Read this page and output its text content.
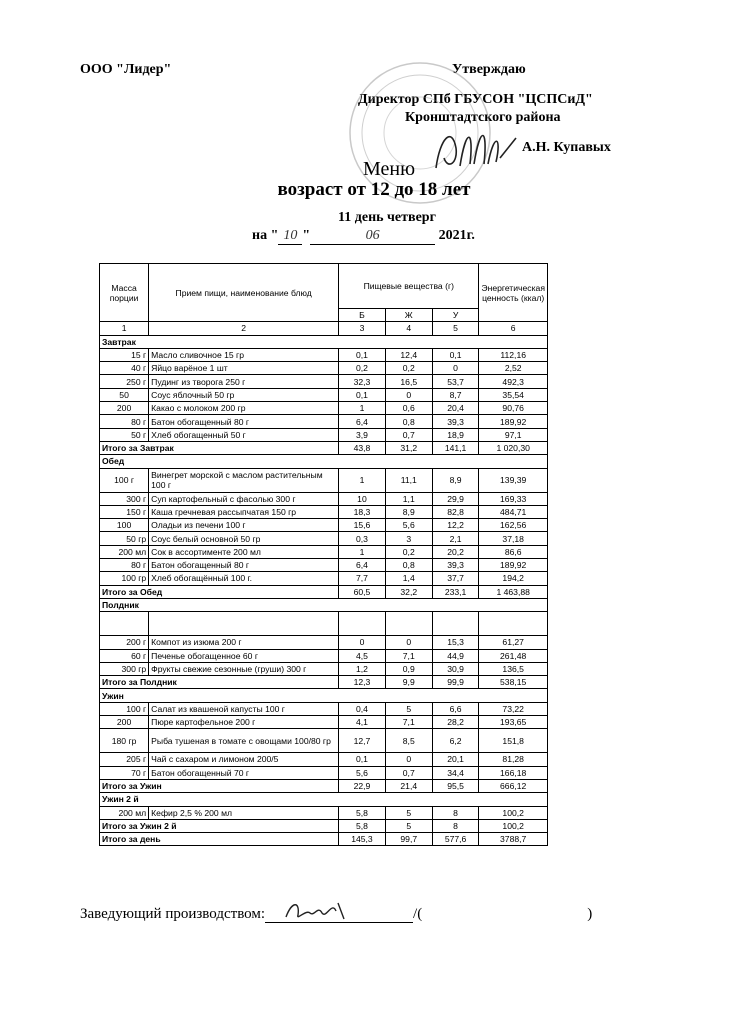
ООО "Лидер"	Утверждаю
Директор СПб ГБУСОН "ЦСПСиД"
Кронштадтского района
А.Н. Купавых
Меню
возраст от 12 до 18 лет
11 день четверг
на " 10 "	06	2021г.
Масса порции	Прием пищи, наименование блюд	Пищевые вещества (г)			Энергетическая ценность (ккал)
		Б	Ж	У	
1	2	3	4	5	6
Завтрак					
15 г	Масло сливочное 15 гр	0,1	12,4	0,1	112,16
40 г	Яйцо варёное 1 шт	0,2	0,2	0	2,52
250 г	Пудинг из творога 250 г	32,3	16,5	53,7	492,3
50	Соус яблочный 50 гр	0,1	0	8,7	35,54
200	Какао с молоком 200 гр	1	0,6	20,4	90,76
80 г	Батон обогащенный 80 г	6,4	0,8	39,3	189,92
50 г	Хлеб обогащенный 50 г	3,9	0,7	18,9	97,1
Итого за Завтрак		43,8	31,2	141,1	1 020,30
Обед					
100 г	Винегрет морской с маслом растительным 100 г	1	11,1	8,9	139,39
300 г	Суп картофельный с фасолью 300 г	10	1,1	29,9	169,33
150 г	Каша гречневая рассыпчатая 150 гр	18,3	8,9	82,8	484,71
100	Оладьи из печени 100 г	15,6	5,6	12,2	162,56
50 гр	Соус белый основной 50 гр	0,3	3	2,1	37,18
200 мл	Сок в ассортименте 200 мл	1	0,2	20,2	86,6
80 г	Батон обогащенный 80 г	6,4	0,8	39,3	189,92
100 гр	Хлеб обогащённый 100 г.	7,7	1,4	37,7	194,2
Итого за Обед		60,5	32,2	233,1	1 463,88
Полдник					

200 г	Компот из изюма 200 г	0	0	15,3	61,27
60 г	Печенье обогащенное 60 г	4,5	7,1	44,9	261,48
300 гр	Фрукты свежие сезонные (груши) 300 г	1,2	0,9	30,9	136,5
Итого за Полдник		12,3	9,9	99,9	538,15
Ужин					
100 г	Салат из квашеной капусты 100 г	0,4	5	6,6	73,22
200	Пюре картофельное 200 г	4,1	7,1	28,2	193,65
180 гр	Рыба тушеная в томате с овощами 100/80 гр	12,7	8,5	6,2	151,8
205 г	Чай с сахаром и лимоном 200/5	0,1	0	20,1	81,28
70 г	Батон обогащенный 70 г	5,6	0,7	34,4	166,18
Итого за Ужин		22,9	21,4	95,5	666,12
Ужин 2 й					
200 мл	Кефир 2,5 % 200 мл	5,8	5	8	100,2
Итого за Ужин 2 й		5,8	5	8	100,2
Итого за день		145,3	99,7	577,6	3788,7
Заведующий производством:	/(	)
